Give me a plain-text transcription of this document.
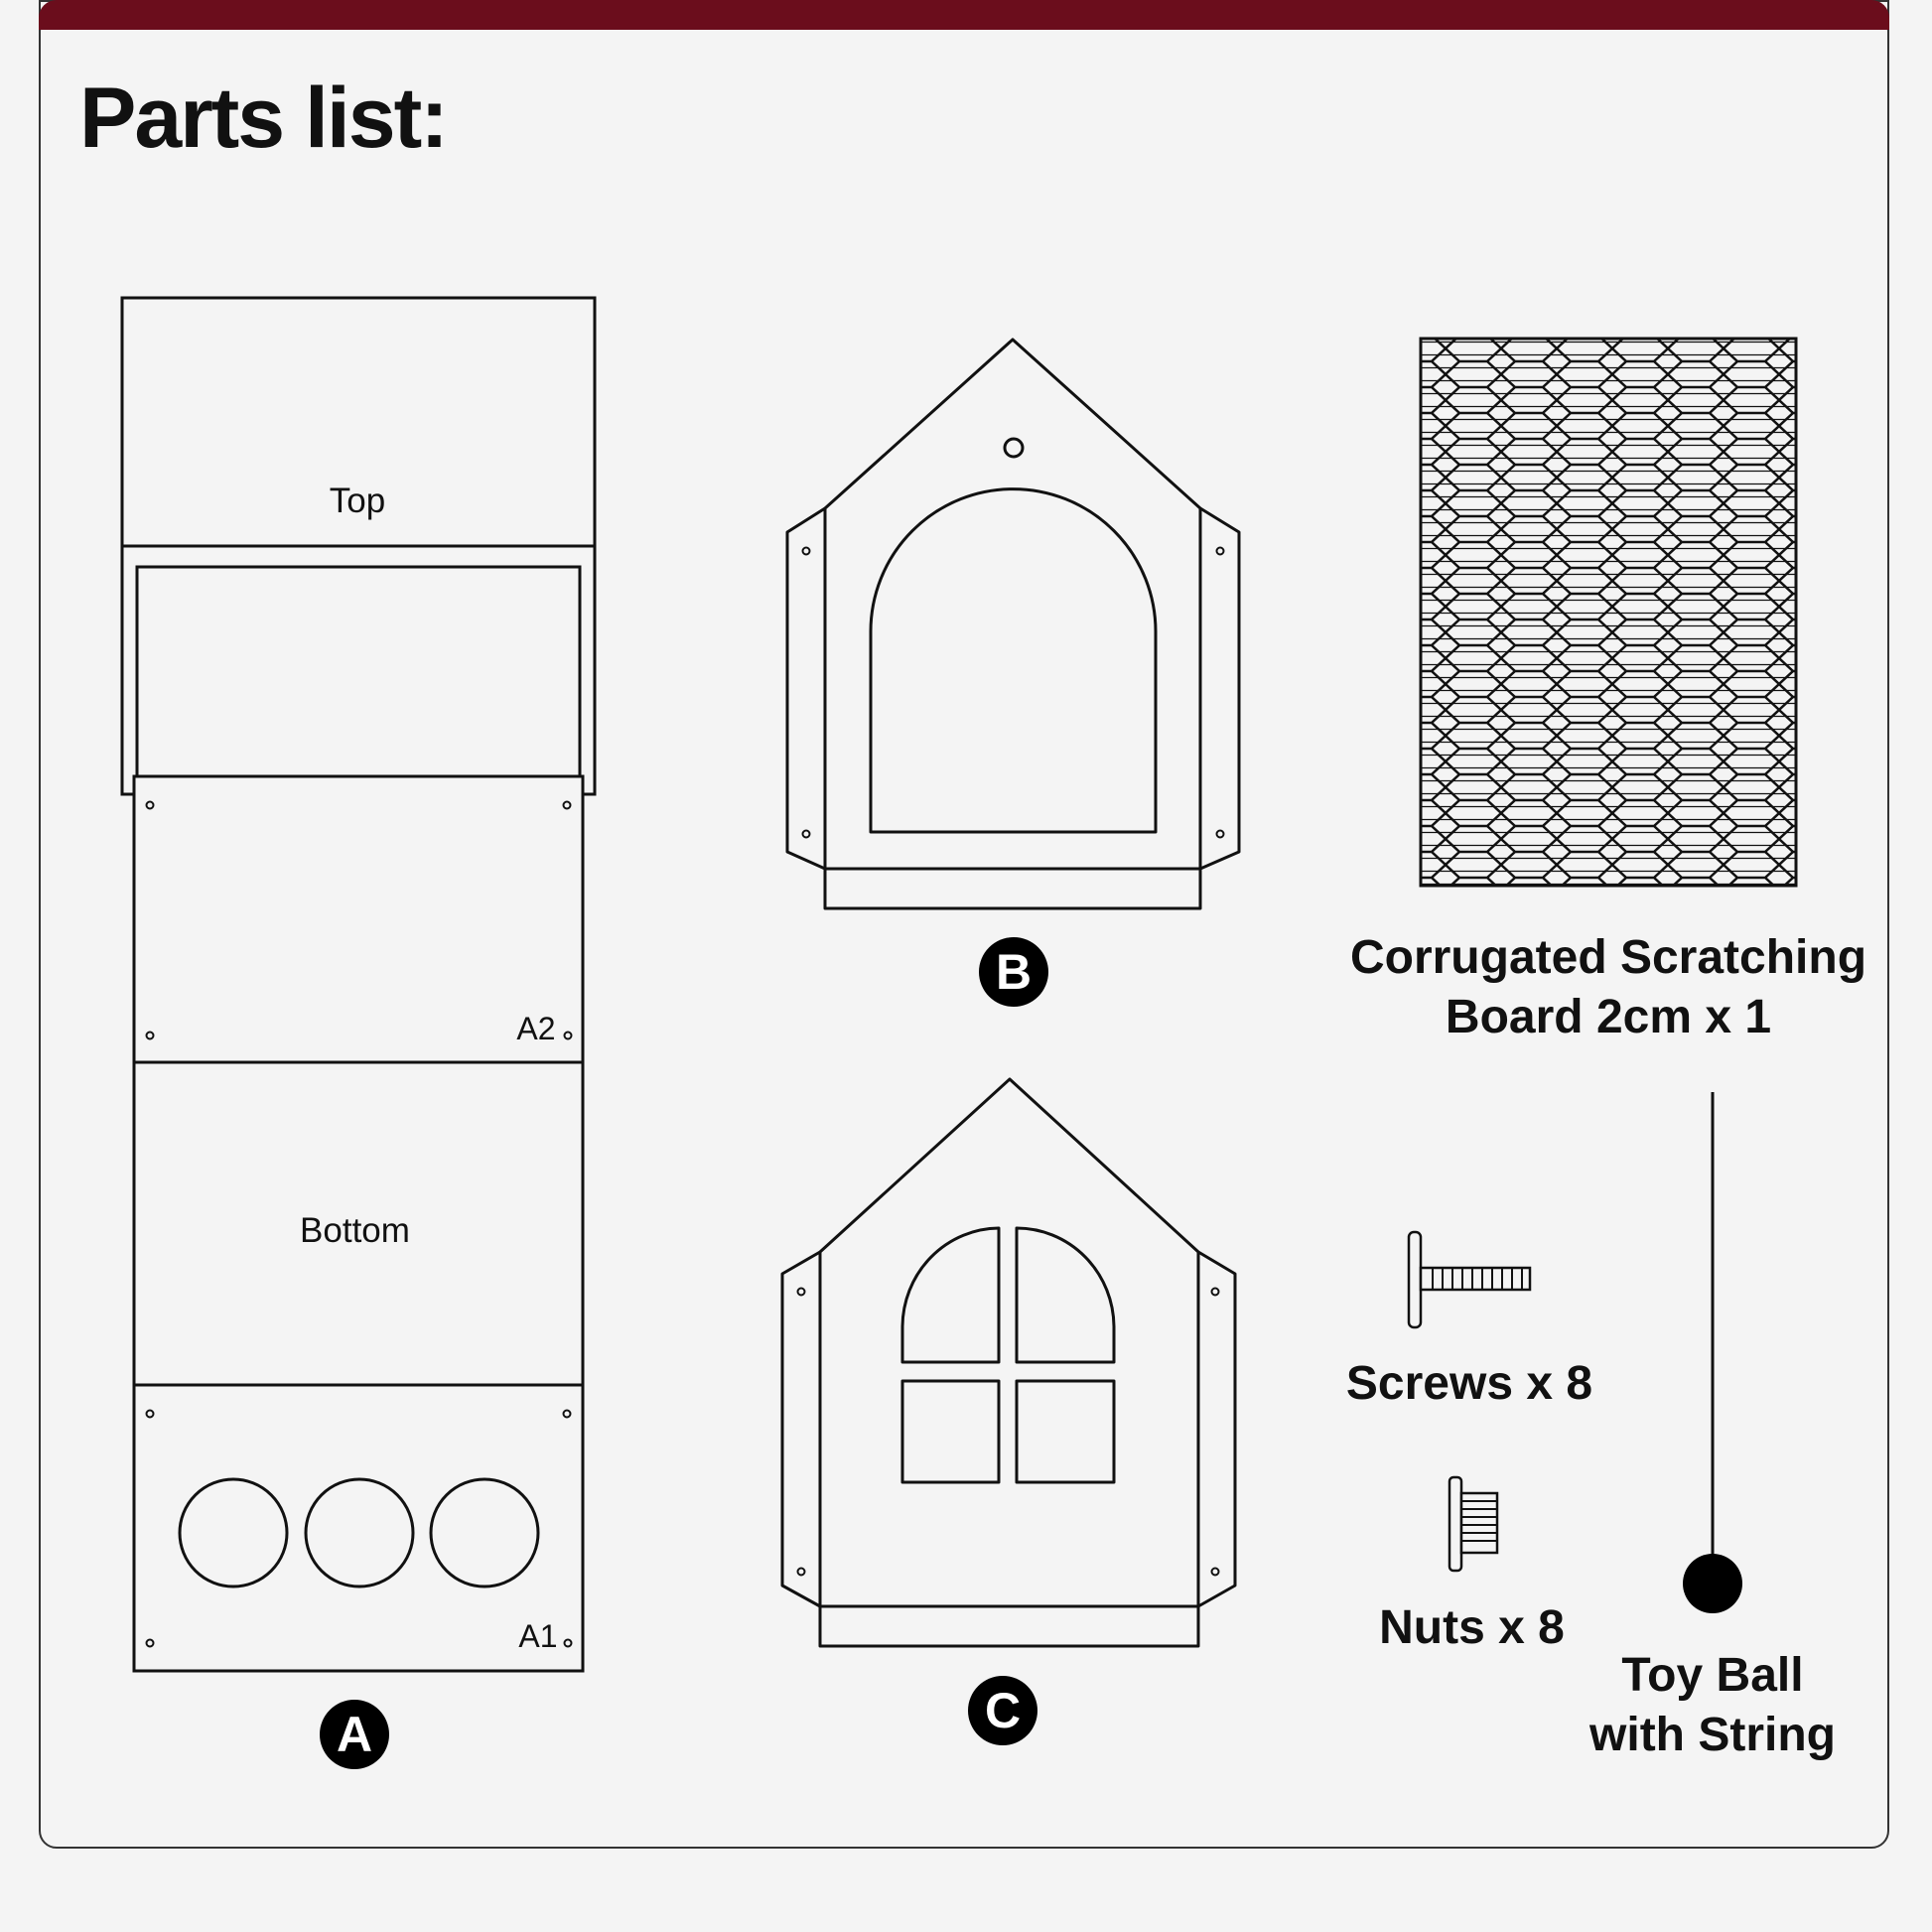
Parts list:
Top
Bottom
A2
A1
A
B
C
Corrugated Scratching
Board 2cm x 1
Screws x 8
Nuts x 8
Toy Ball
with String
